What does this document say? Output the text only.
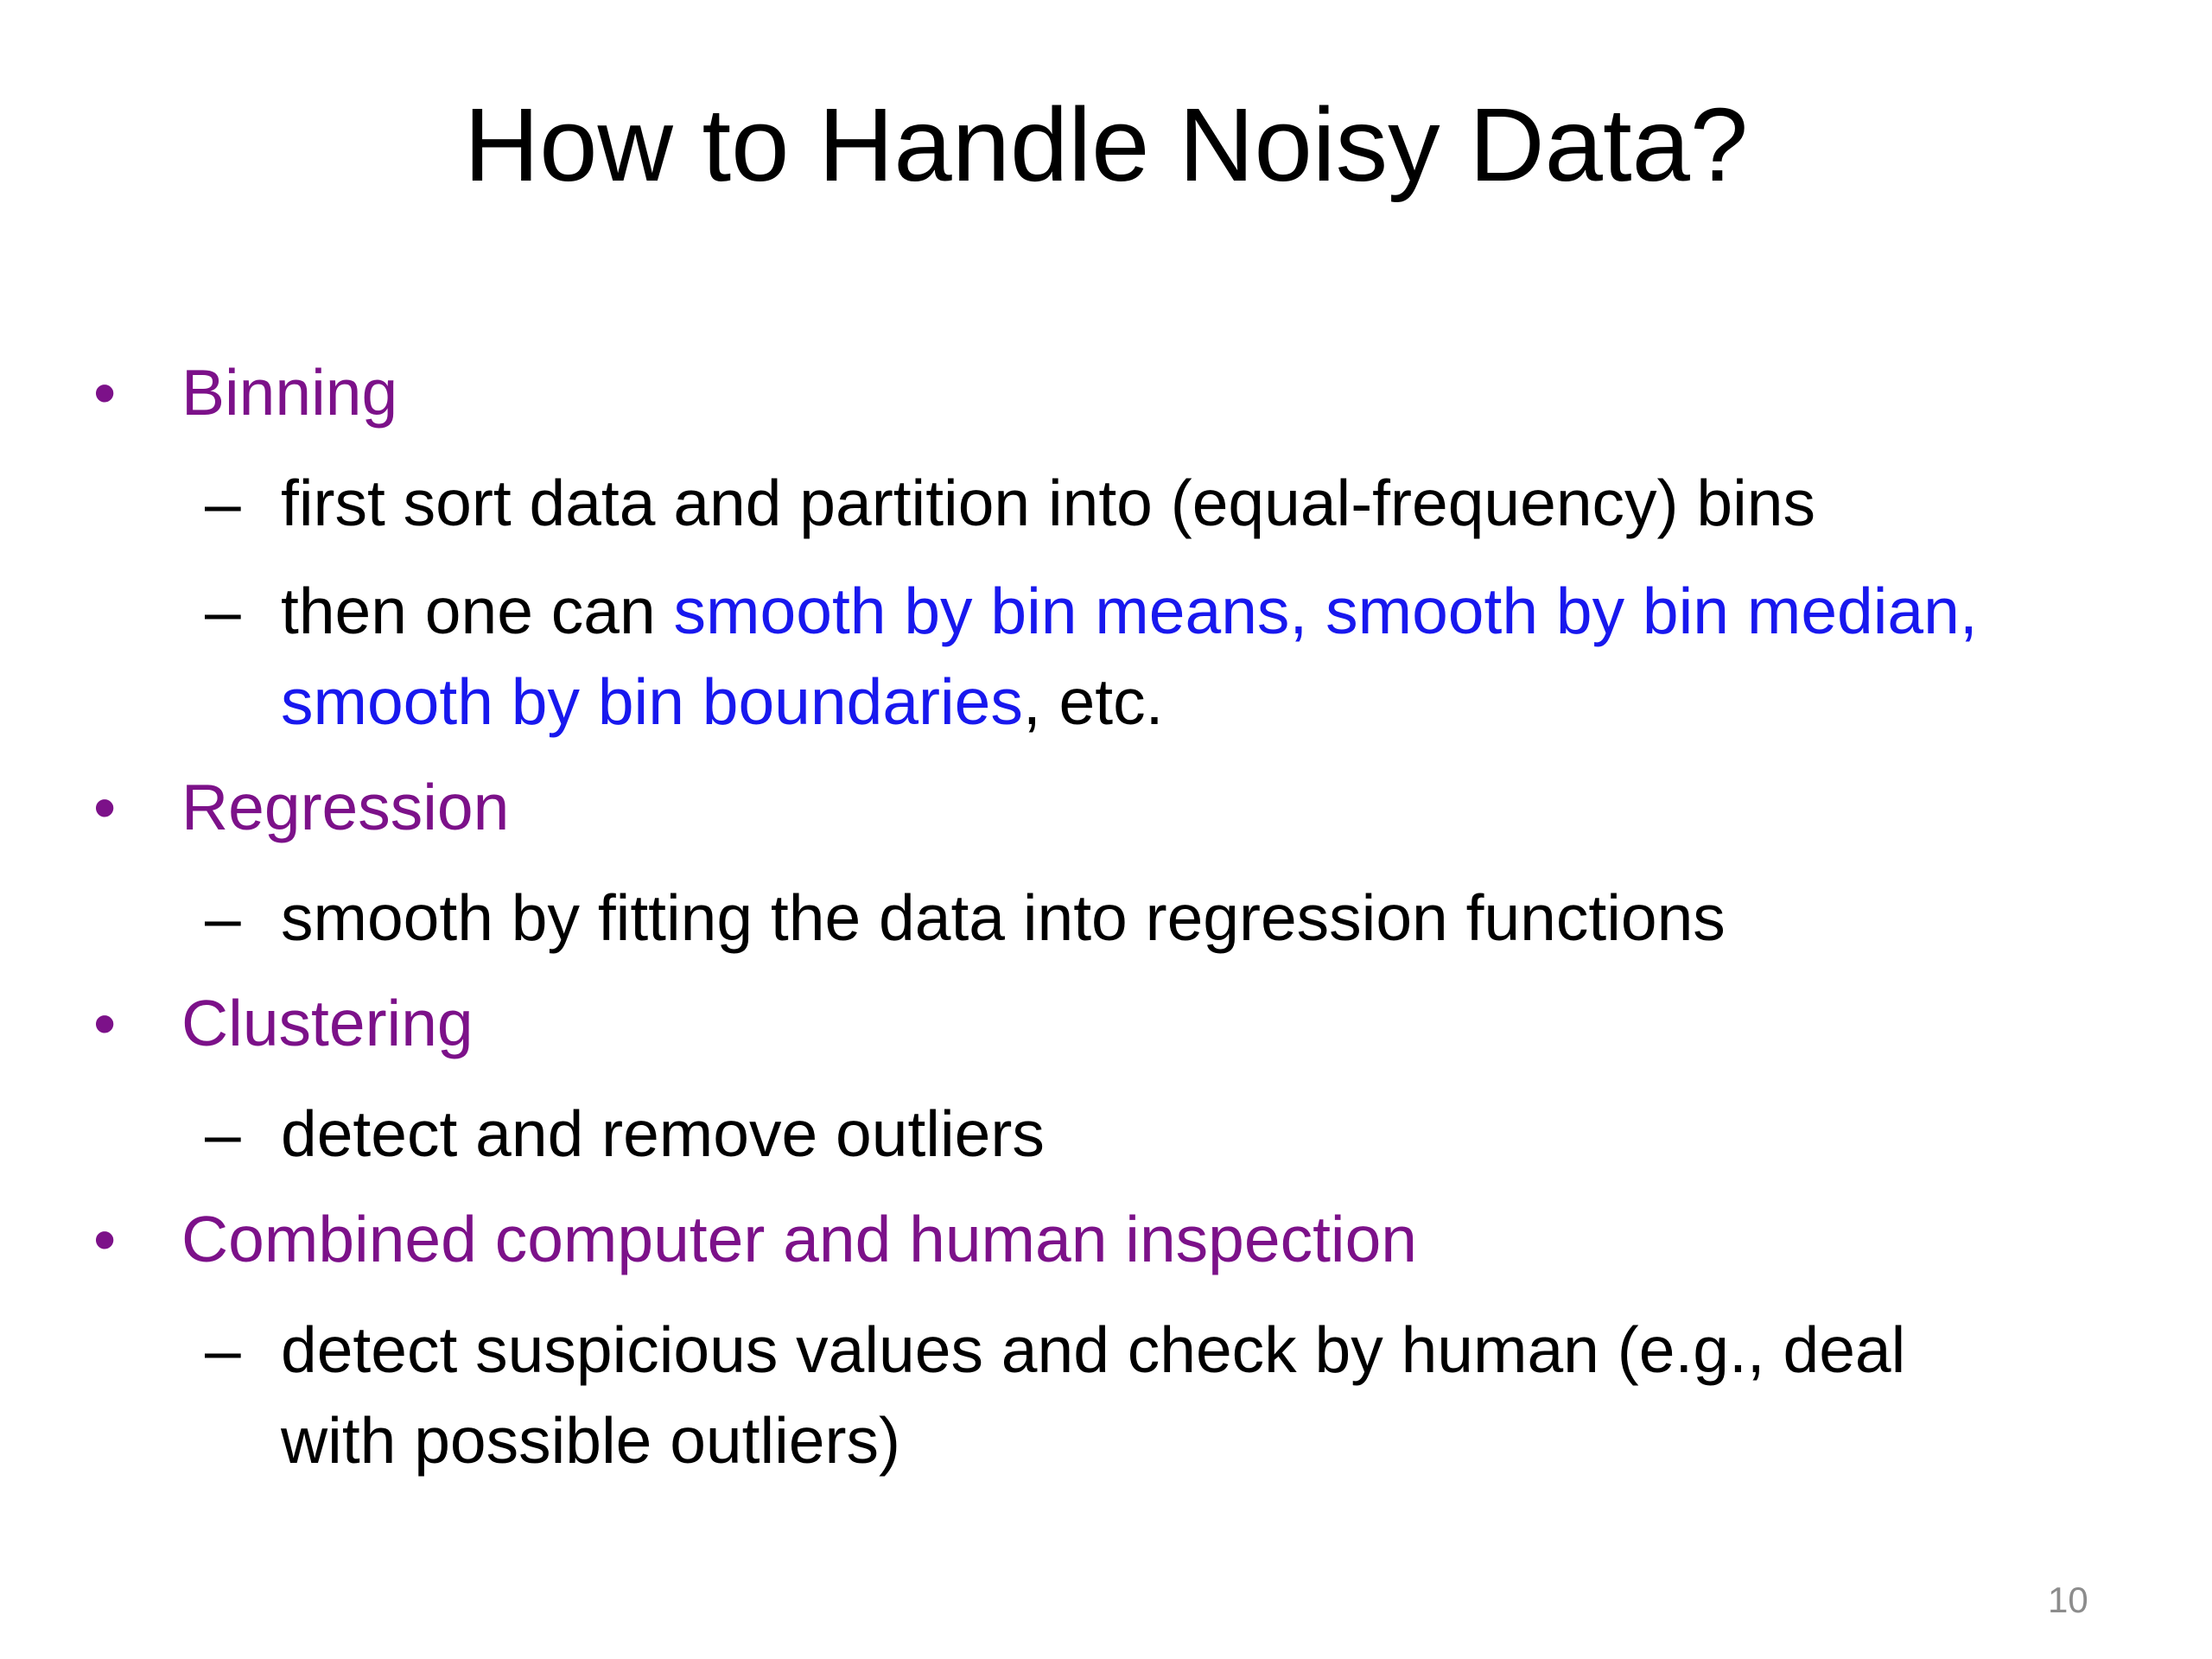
How to Handle Noisy Data?
• Binning
– first sort data and partition into (equal-frequency) bins
– then one can smooth by bin means, smooth by bin median,
smooth by bin boundaries, etc.
• Regression
– smooth by fitting the data into regression functions
• Clustering
– detect and remove outliers
• Combined computer and human inspection
– detect suspicious values and check by human (e.g., deal
with possible outliers)
10
